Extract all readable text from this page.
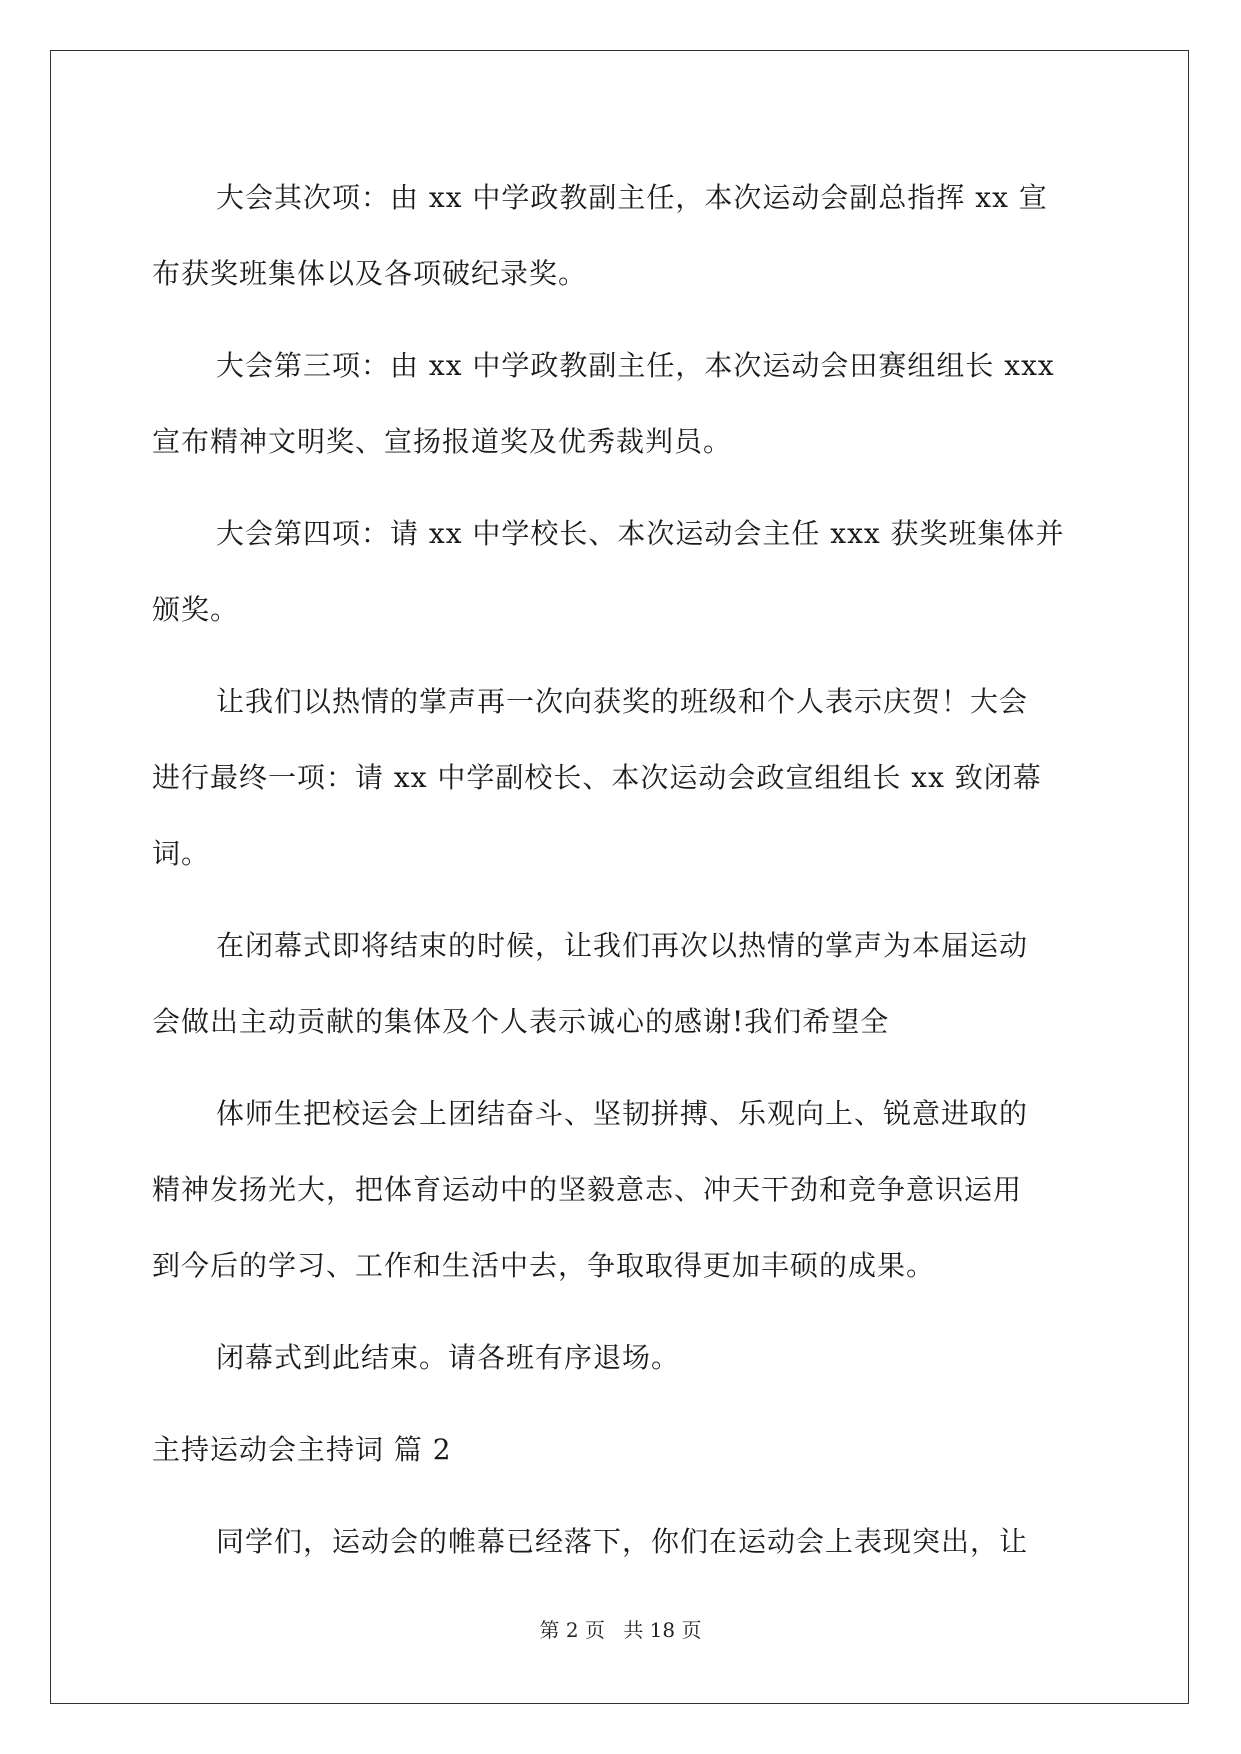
大会其次项：由 xx 中学政教副主任，本次运动会副总指挥 xx 宣
布获奖班集体以及各项破纪录奖。
大会第三项：由 xx 中学政教副主任，本次运动会田赛组组长 xxx
宣布精神文明奖、宣扬报道奖及优秀裁判员。
大会第四项：请 xx 中学校长、本次运动会主任 xxx 获奖班集体并
颁奖。
让我们以热情的掌声再一次向获奖的班级和个人表示庆贺！大会
进行最终一项：请 xx 中学副校长、本次运动会政宣组组长 xx 致闭幕
词。
在闭幕式即将结束的时候，让我们再次以热情的掌声为本届运动
会做出主动贡献的集体及个人表示诚心的感谢!我们希望全
体师生把校运会上团结奋斗、坚韧拼搏、乐观向上、锐意进取的
精神发扬光大，把体育运动中的坚毅意志、冲天干劲和竞争意识运用
到今后的学习、工作和生活中去，争取取得更加丰硕的成果。
闭幕式到此结束。请各班有序退场。
主持运动会主持词 篇 2
同学们，运动会的帷幕已经落下，你们在运动会上表现突出，让
第 2 页 共 18 页
